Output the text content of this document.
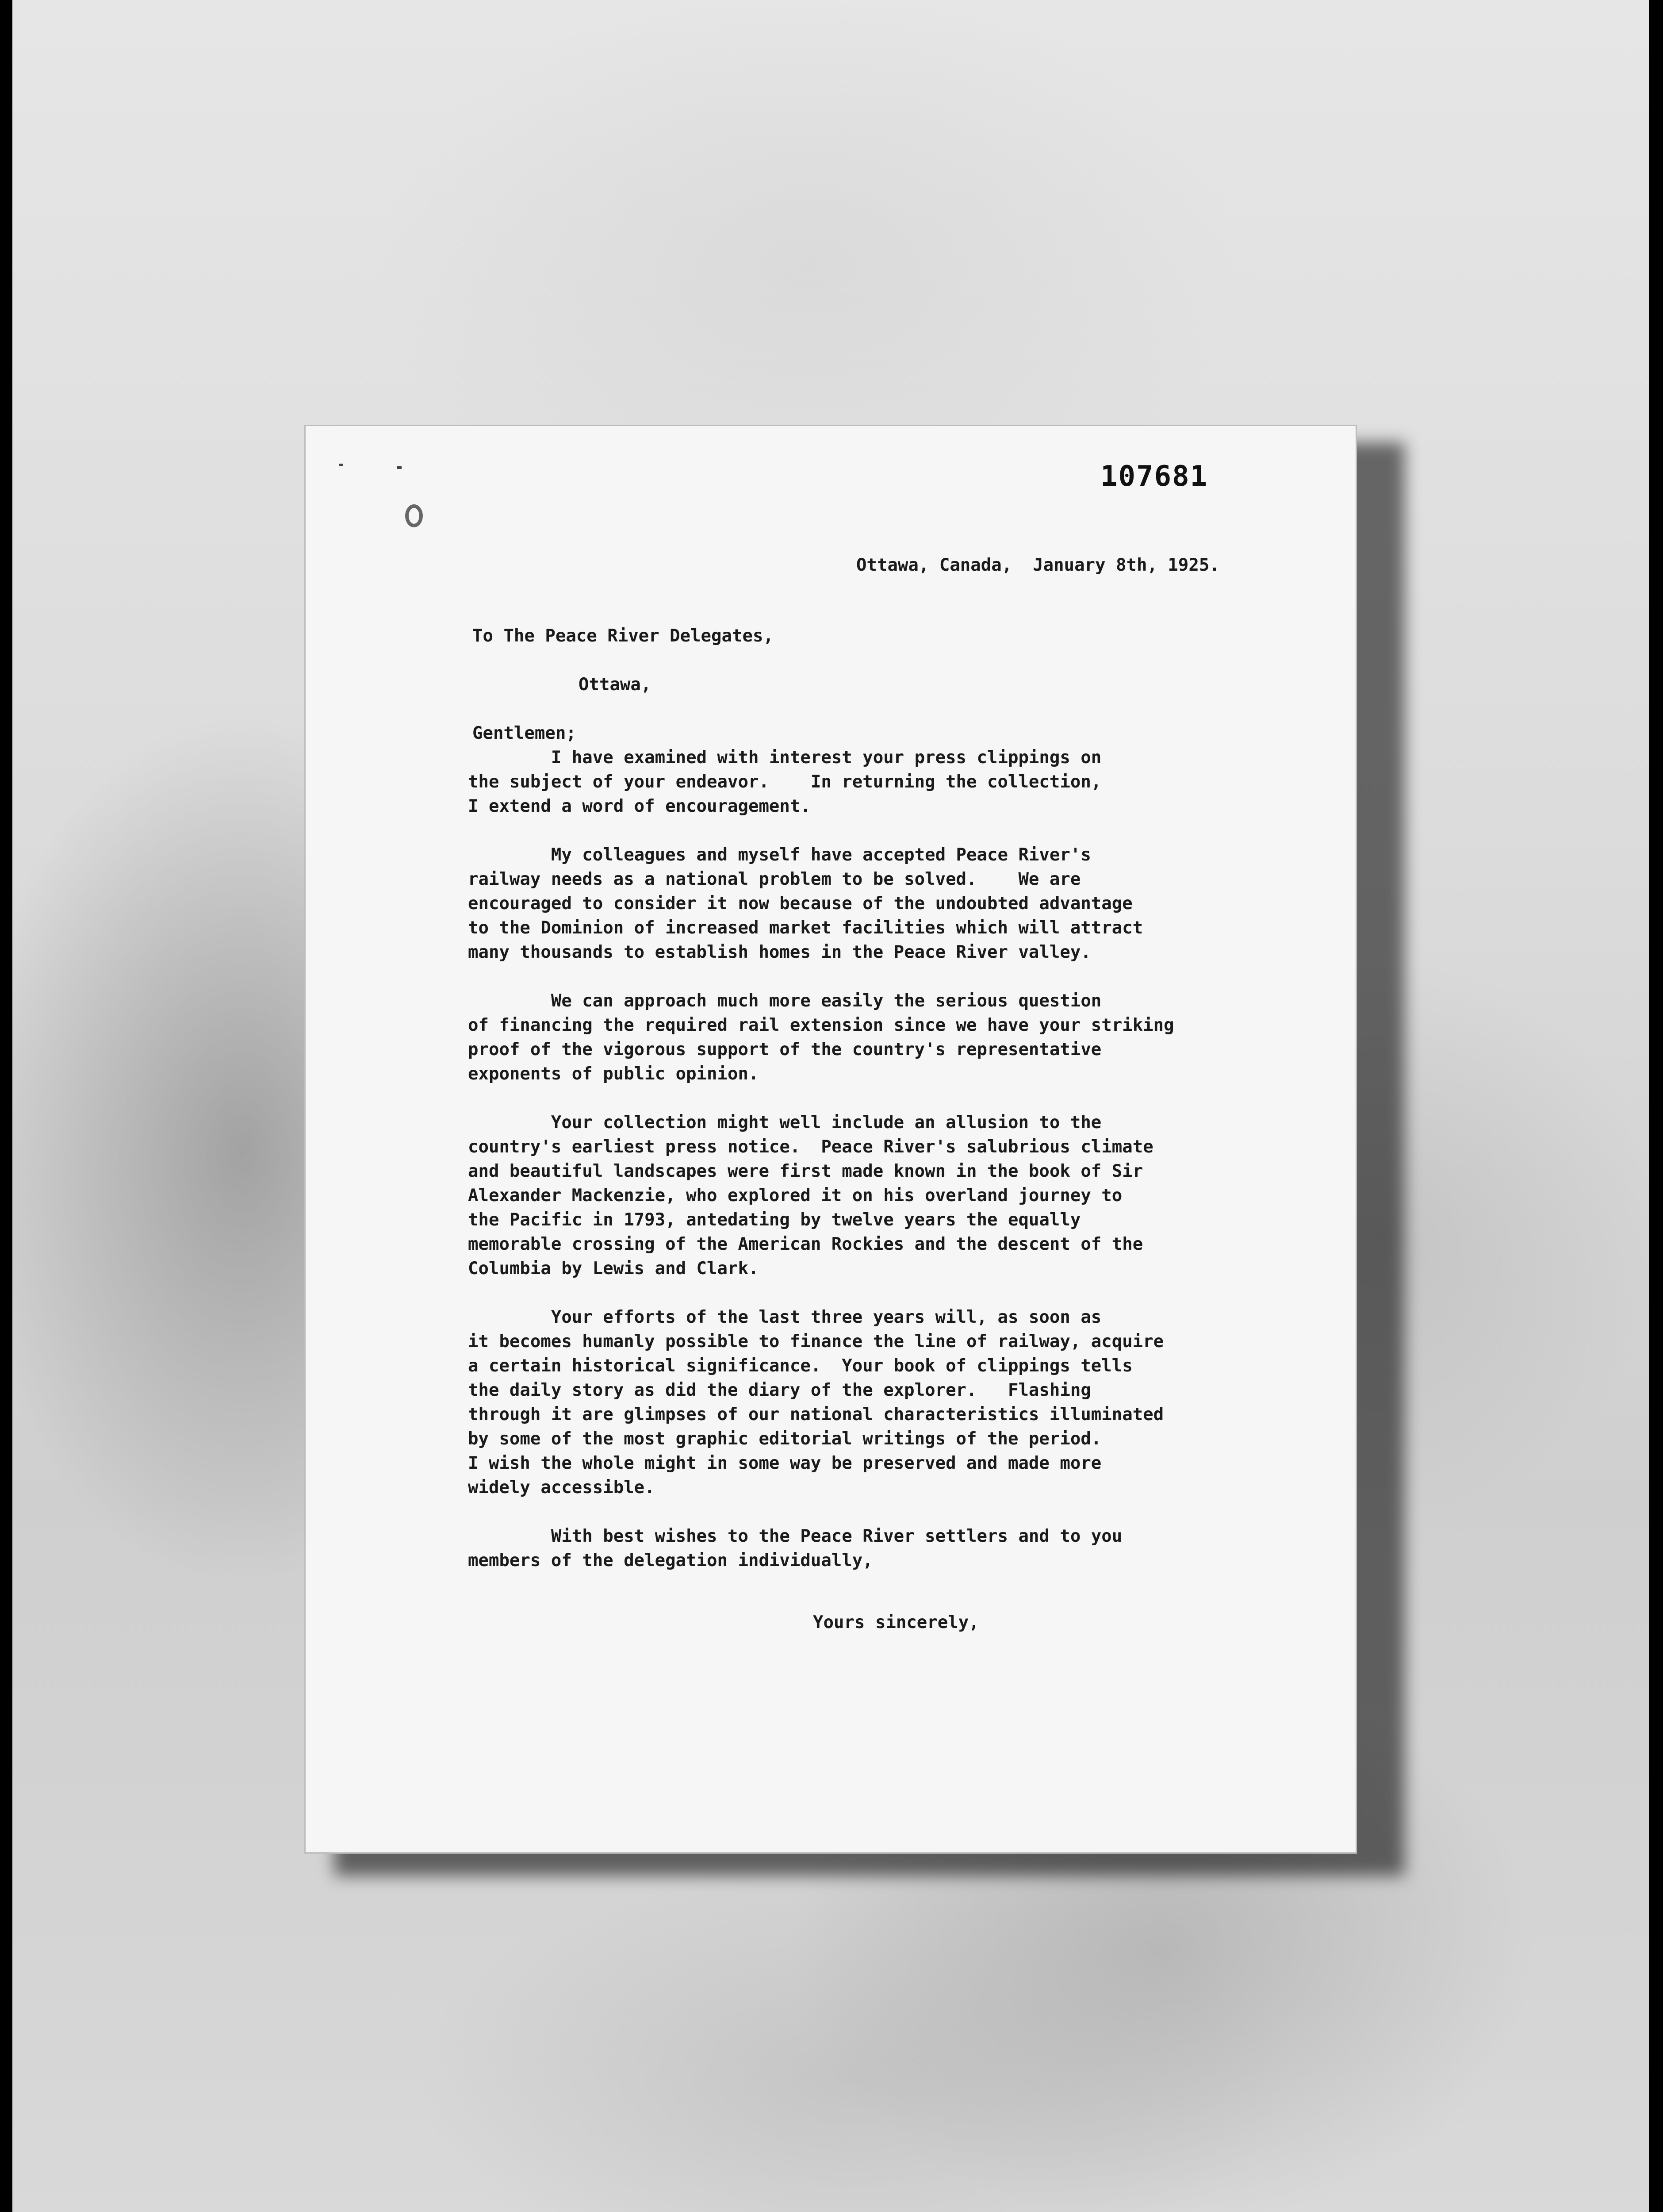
107681
Ottawa, Canada,  January 8th, 1925.
To The Peace River Delegates,
Ottawa,
Gentlemen;
I have examined with interest your press clippings on
the subject of your endeavor.    In returning the collection,
I extend a word of encouragement.

My colleagues and myself have accepted Peace River's
railway needs as a national problem to be solved.    We are
encouraged to consider it now because of the undoubted advantage
to the Dominion of increased market facilities which will attract
many thousands to establish homes in the Peace River valley.

We can approach much more easily the serious question
of financing the required rail extension since we have your striking
proof of the vigorous support of the country's representative
exponents of public opinion.

Your collection might well include an allusion to the
country's earliest press notice.  Peace River's salubrious climate
and beautiful landscapes were first made known in the book of Sir
Alexander Mackenzie, who explored it on his overland journey to
the Pacific in 1793, antedating by twelve years the equally
memorable crossing of the American Rockies and the descent of the
Columbia by Lewis and Clark.

Your efforts of the last three years will, as soon as
it becomes humanly possible to finance the line of railway, acquire
a certain historical significance.  Your book of clippings tells
the daily story as did the diary of the explorer.   Flashing
through it are glimpses of our national characteristics illuminated
by some of the most graphic editorial writings of the period.
I wish the whole might in some way be preserved and made more
widely accessible.

With best wishes to the Peace River settlers and to you
members of the delegation individually,
Yours sincerely,
